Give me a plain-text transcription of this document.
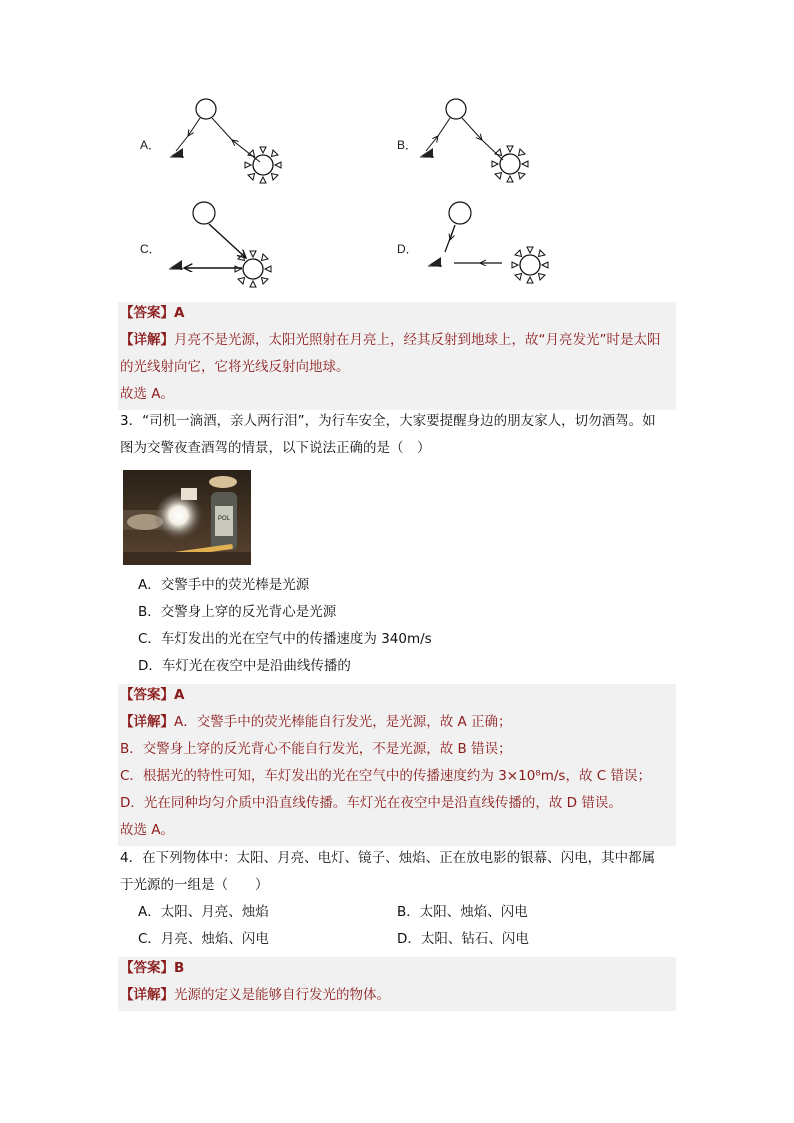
A．	B．
C．	D．
【答案】A
【详解】月亮不是光源，太阳光照射在月亮上，经其反射到地球上，故“月亮发光”时是太阳
的光线射向它，它将光线反射向地球。
故选 A。
3．“司机一滴酒，亲人两行泪”，为行车安全，大家要提醒身边的朋友家人，切勿酒驾。如
图为交警夜查酒驾的情景，以下说法正确的是（　）
POL
A．交警手中的荧光棒是光源
B．交警身上穿的反光背心是光源
C．车灯发出的光在空气中的传播速度为 340m/s
D．车灯光在夜空中是沿曲线传播的
【答案】A
【详解】A．交警手中的荧光棒能自行发光，是光源，故 A 正确；
B．交警身上穿的反光背心不能自行发光，不是光源，故 B 错误；
C．根据光的特性可知，车灯发出的光在空气中的传播速度约为 3×10⁸m/s，故 C 错误；
D．光在同种均匀介质中沿直线传播。车灯光在夜空中是沿直线传播的，故 D 错误。
故选 A。
4．在下列物体中：太阳、月亮、电灯、镜子、烛焰、正在放电影的银幕、闪电，其中都属
于光源的一组是（　　）
A．太阳、月亮、烛焰	B．太阳、烛焰、闪电
C．月亮、烛焰、闪电	D．太阳、钻石、闪电
【答案】B
【详解】光源的定义是能够自行发光的物体。
